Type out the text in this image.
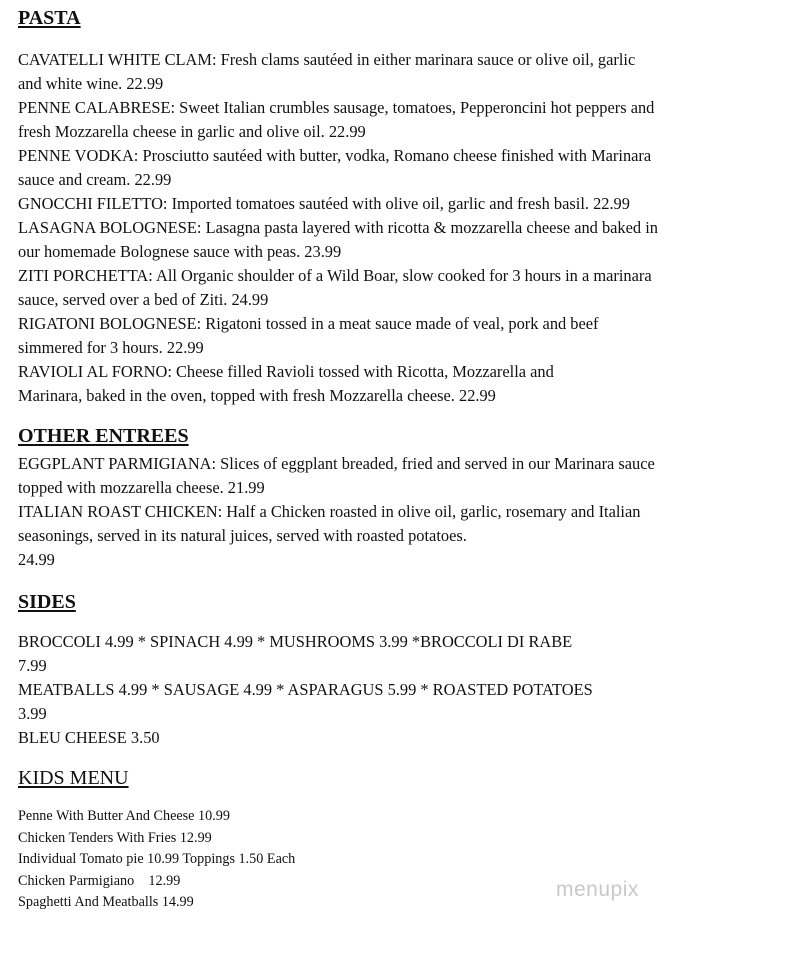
PASTA
CAVATELLI WHITE CLAM: Fresh clams sautéed in either marinara sauce or olive oil, garlic
and white wine. 22.99
PENNE CALABRESE: Sweet Italian crumbles sausage, tomatoes, Pepperoncini hot peppers and
fresh Mozzarella cheese in garlic and olive oil. 22.99
PENNE VODKA: Prosciutto sautéed with butter, vodka, Romano cheese finished with Marinara
sauce and cream. 22.99
GNOCCHI FILETTO: Imported tomatoes sautéed with olive oil, garlic and fresh basil. 22.99
LASAGNA BOLOGNESE: Lasagna pasta layered with ricotta & mozzarella cheese and baked in
our homemade Bolognese sauce with peas. 23.99
ZITI PORCHETTA: All Organic shoulder of a Wild Boar, slow cooked for 3 hours in a marinara
sauce, served over a bed of Ziti. 24.99
RIGATONI BOLOGNESE: Rigatoni tossed in a meat sauce made of veal, pork and beef
simmered for 3 hours. 22.99
RAVIOLI AL FORNO: Cheese filled Ravioli tossed with Ricotta, Mozzarella and
Marinara, baked in the oven, topped with fresh Mozzarella cheese. 22.99
OTHER ENTREES
EGGPLANT PARMIGIANA: Slices of eggplant breaded, fried and served in our Marinara sauce
topped with mozzarella cheese. 21.99
ITALIAN ROAST CHICKEN: Half a Chicken roasted in olive oil, garlic, rosemary and Italian
seasonings, served in its natural juices, served with roasted potatoes.
24.99
SIDES
BROCCOLI 4.99 * SPINACH 4.99 * MUSHROOMS 3.99 *BROCCOLI DI RABE
7.99
MEATBALLS 4.99 * SAUSAGE 4.99 * ASPARAGUS 5.99 * ROASTED POTATOES
3.99
BLEU CHEESE 3.50
KIDS MENU
Penne With Butter And Cheese 10.99
Chicken Tenders With Fries 12.99
Individual Tomato pie 10.99 Toppings 1.50 Each
Chicken Parmigiano    12.99
Spaghetti And Meatballs 14.99
menupix
